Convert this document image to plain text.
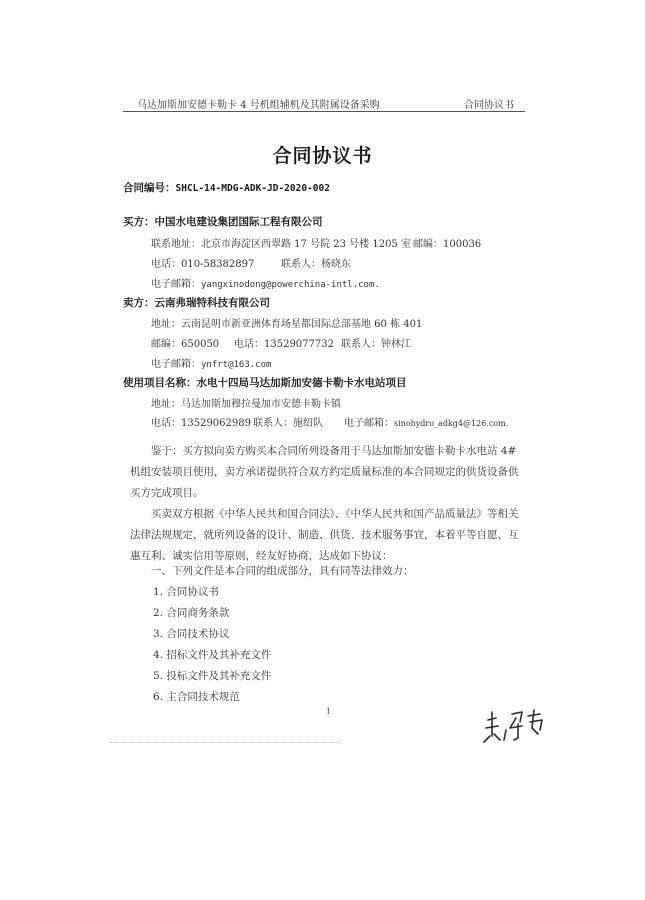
马达加斯加安德卡勒卡 4 号机组辅机及其附属设备采购	合同协议书
合同协议书
合同编号：SHCL-14-MDG-ADK-JD-2020-002
买方：中国水电建设集团国际工程有限公司
联系地址：北京市海淀区西翠路 17 号院 23 号楼 1205 室 邮编：100036
电话：010-58382897	联系人：杨晓东
电子邮箱：yangxinodong@powerchina-intl.com.
卖方：云南弗瑞特科技有限公司
地址：云南昆明市新亚洲体育场星都国际总部基地 60 栋 401
邮编：650050 电话：13529077732 联系人：钟林江
电子邮箱：ynfrt@163.com
使用项目名称：水电十四局马达加斯加安德卡勒卡水电站项目
地址：马达加斯加穆拉曼加市安德卡勒卡镇
电话：13529062989 联系人：施绍队 电子邮箱：sinohydro_adkg4@126.com.
鉴于：买方拟向卖方购买本合同所列设备用于马达加斯加安德卡勒卡水电站 4#机组安装项目使用，卖方承诺提供符合双方约定质量标准的本合同规定的供货设备供买方完成项目。
买卖双方根据《中华人民共和国合同法》、《中华人民共和国产品质量法》等相关法律法规规定，就所列设备的设计、制造、供货、技术服务事宜，本着平等自愿、互惠互利、诚实信用等原则，经友好协商，达成如下协议：
一、下列文件是本合同的组成部分，具有同等法律效力：
1. 合同协议书
2. 合同商务条款
3. 合同技术协议
4. 招标文件及其补充文件
5. 投标文件及其补充文件
6. 主合同技术规范
1
